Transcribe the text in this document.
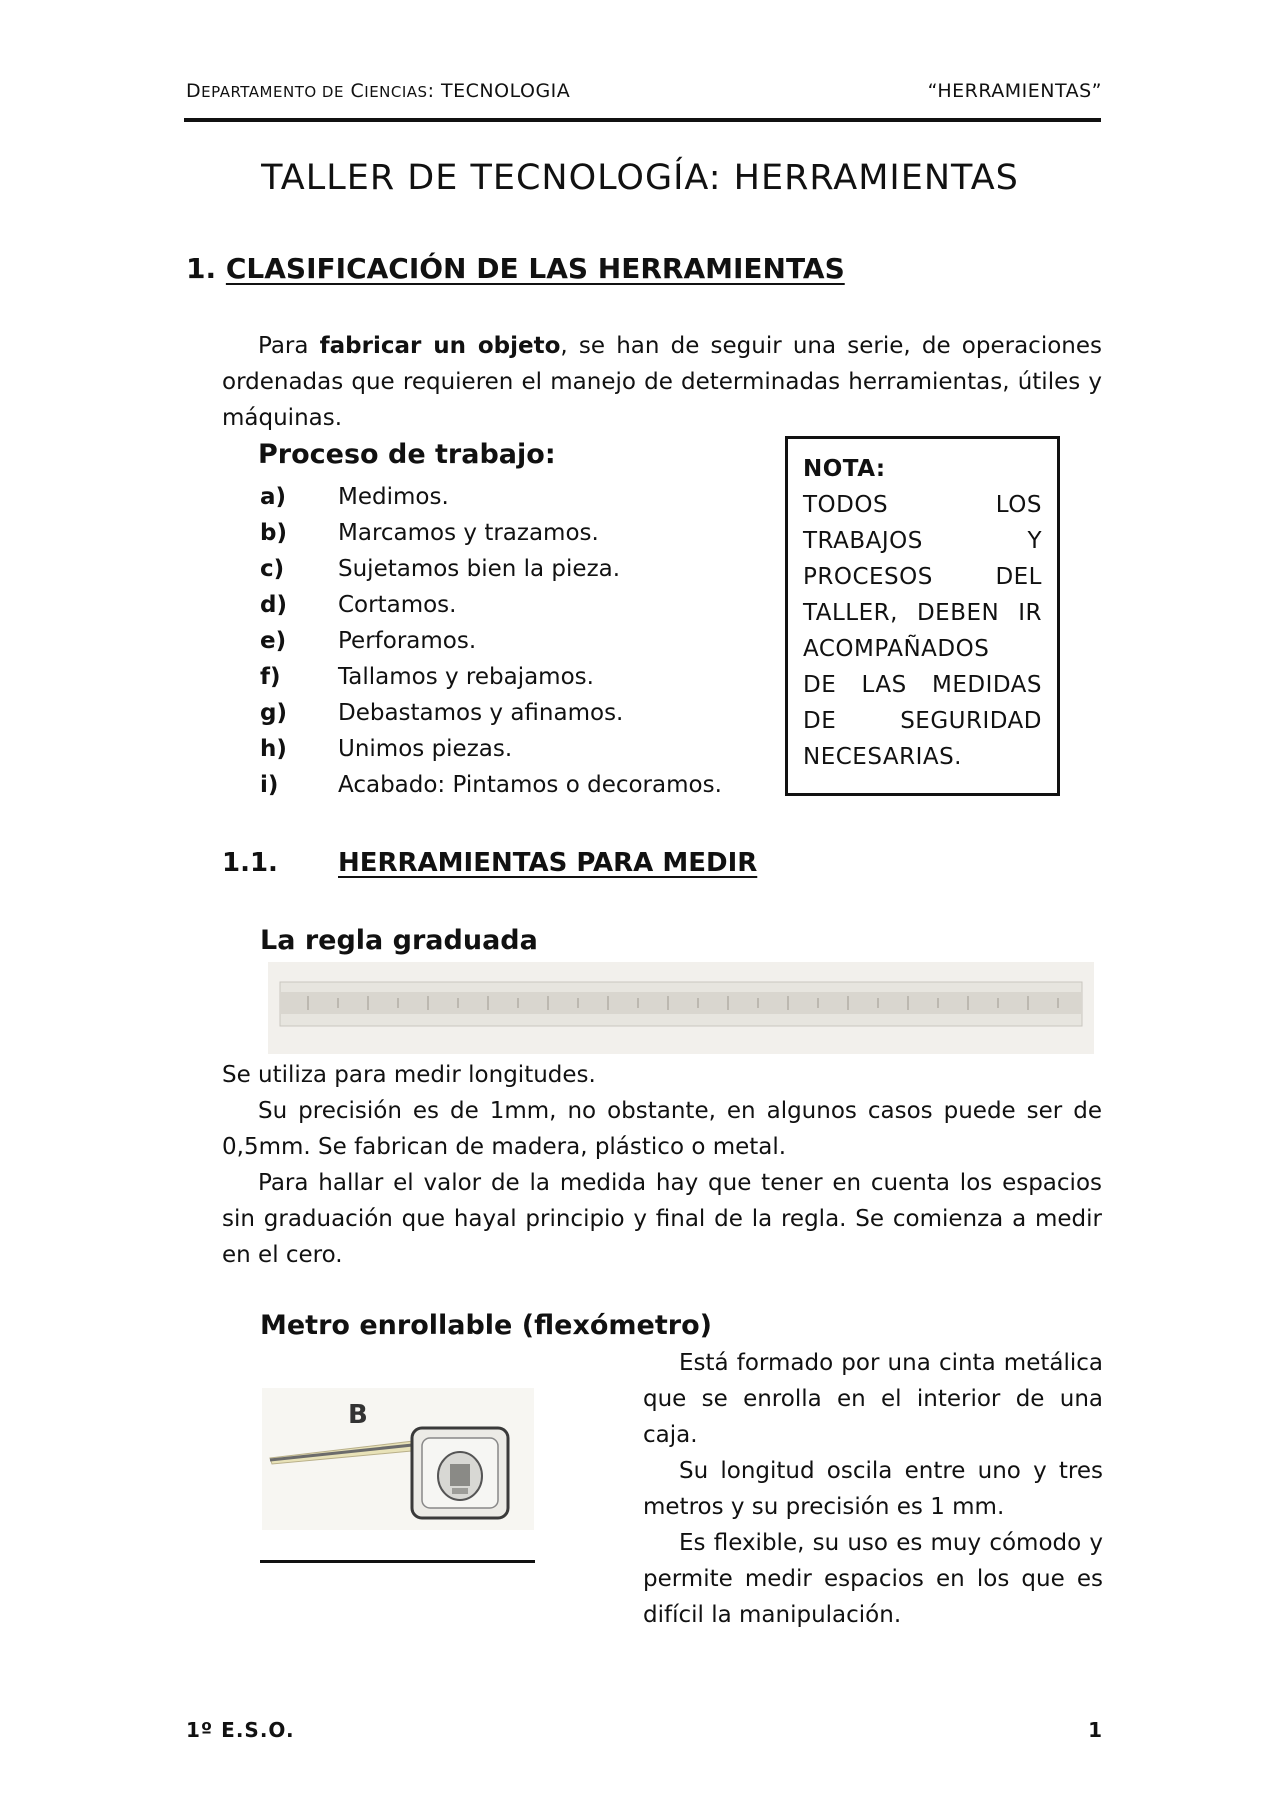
DEPARTAMENTO DE CIENCIAS: TECNOLOGIA	“HERRAMIENTAS”
TALLER DE TECNOLOGÍA: HERRAMIENTAS
1. CLASIFICACIÓN DE LAS HERRAMIENTAS
Para fabricar un objeto, se han de seguir una serie, de operaciones ordenadas que requieren el manejo de determinadas herramientas, útiles y máquinas.
Proceso de trabajo:
a) Medimos.
b) Marcamos y trazamos.
c) Sujetamos bien la pieza.
d) Cortamos.
e) Perforamos.
f) Tallamos y rebajamos.
g) Debastamos y afinamos.
h) Unimos piezas.
i)	Acabado: Pintamos o decoramos.
NOTA:
TODOS LOS
TRABAJOS Y
PROCESOS DEL
TALLER, DEBEN IR
ACOMPAÑADOS
DE LAS MEDIDAS
DE SEGURIDAD
NECESARIAS.
1.1. HERRAMIENTAS PARA MEDIR
La regla graduada
Se utiliza para medir longitudes.
Su precisión es de 1mm, no obstante, en algunos casos puede ser de 0,5mm. Se fabrican de madera, plástico o metal.
Para hallar el valor de la medida hay que tener en cuenta los espacios sin graduación que hayal principio y final de la regla. Se comienza a medir en el cero.
Metro enrollable (flexómetro)
B
Está formado por una cinta metálica que se enrolla en el interior de una caja.
Su longitud oscila entre uno y tres metros y su precisión es 1 mm.
Es flexible, su uso es muy cómodo y permite medir espacios en los que es difícil la manipulación.
1º E.S.O.	1
